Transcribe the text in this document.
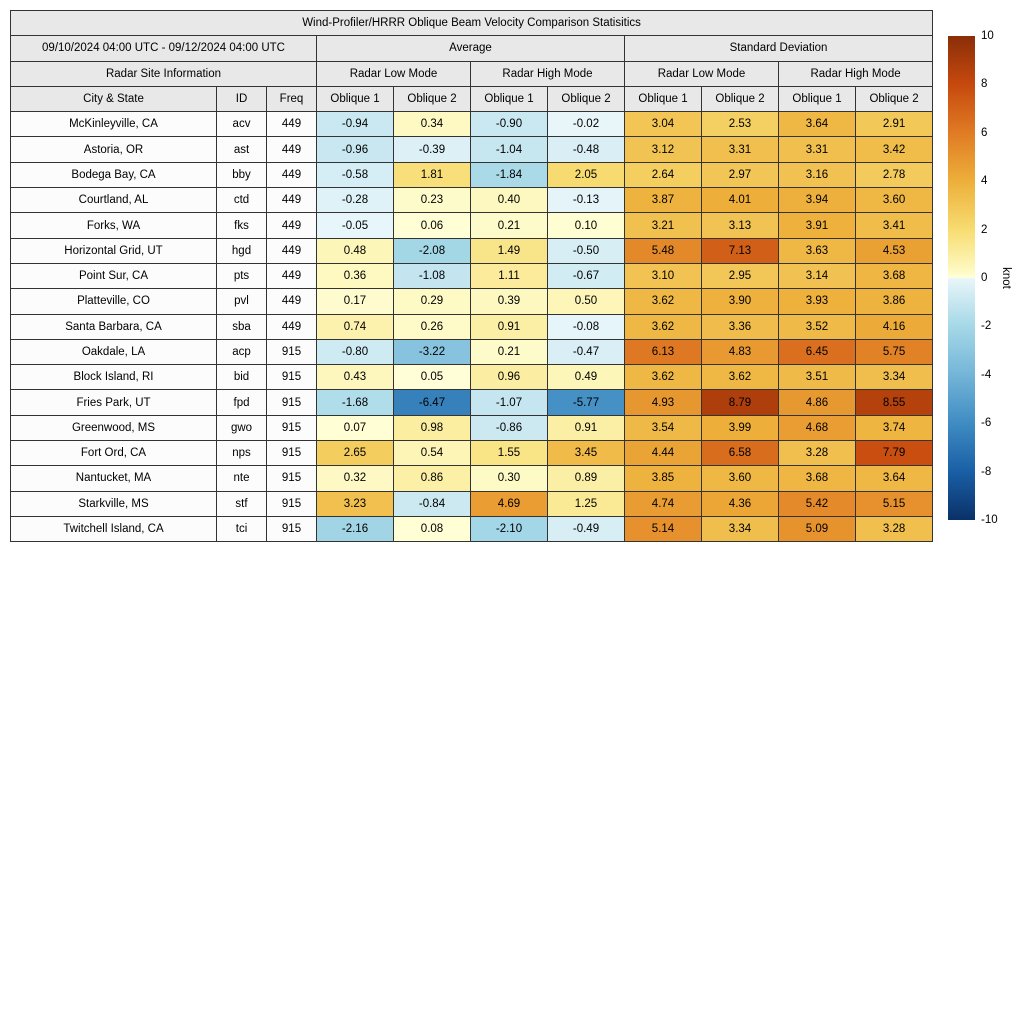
Wind-Profiler/HRRR Oblique Beam Velocity Comparison Statisitics										
09/10/2024 04:00 UTC - 09/12/2024 04:00 UTC			Average				Standard Deviation			
Radar Site Information			Radar Low Mode		Radar High Mode		Radar Low Mode		Radar High Mode	
City & State	ID	Freq	Oblique 1	Oblique 2	Oblique 1	Oblique 2	Oblique 1	Oblique 2	Oblique 1	Oblique 2
McKinleyville, CA	acv	449	-0.94	0.34	-0.90	-0.02	3.04	2.53	3.64	2.91
Astoria, OR	ast	449	-0.96	-0.39	-1.04	-0.48	3.12	3.31	3.31	3.42
Bodega Bay, CA	bby	449	-0.58	1.81	-1.84	2.05	2.64	2.97	3.16	2.78
Courtland, AL	ctd	449	-0.28	0.23	0.40	-0.13	3.87	4.01	3.94	3.60
Forks, WA	fks	449	-0.05	0.06	0.21	0.10	3.21	3.13	3.91	3.41
Horizontal Grid, UT	hgd	449	0.48	-2.08	1.49	-0.50	5.48	7.13	3.63	4.53
Point Sur, CA	pts	449	0.36	-1.08	1.11	-0.67	3.10	2.95	3.14	3.68
Platteville, CO	pvl	449	0.17	0.29	0.39	0.50	3.62	3.90	3.93	3.86
Santa Barbara, CA	sba	449	0.74	0.26	0.91	-0.08	3.62	3.36	3.52	4.16
Oakdale, LA	acp	915	-0.80	-3.22	0.21	-0.47	6.13	4.83	6.45	5.75
Block Island, RI	bid	915	0.43	0.05	0.96	0.49	3.62	3.62	3.51	3.34
Fries Park, UT	fpd	915	-1.68	-6.47	-1.07	-5.77	4.93	8.79	4.86	8.55
Greenwood, MS	gwo	915	0.07	0.98	-0.86	0.91	3.54	3.99	4.68	3.74
Fort Ord, CA	nps	915	2.65	0.54	1.55	3.45	4.44	6.58	3.28	7.79
Nantucket, MA	nte	915	0.32	0.86	0.30	0.89	3.85	3.60	3.68	3.64
Starkville, MS	stf	915	3.23	-0.84	4.69	1.25	4.74	4.36	5.42	5.15
Twitchell Island, CA	tci	915	-2.16	0.08	-2.10	-0.49	5.14	3.34	5.09	3.28
10
8
6
4
2
0
-2
-4
-6
-8
-10
knot
